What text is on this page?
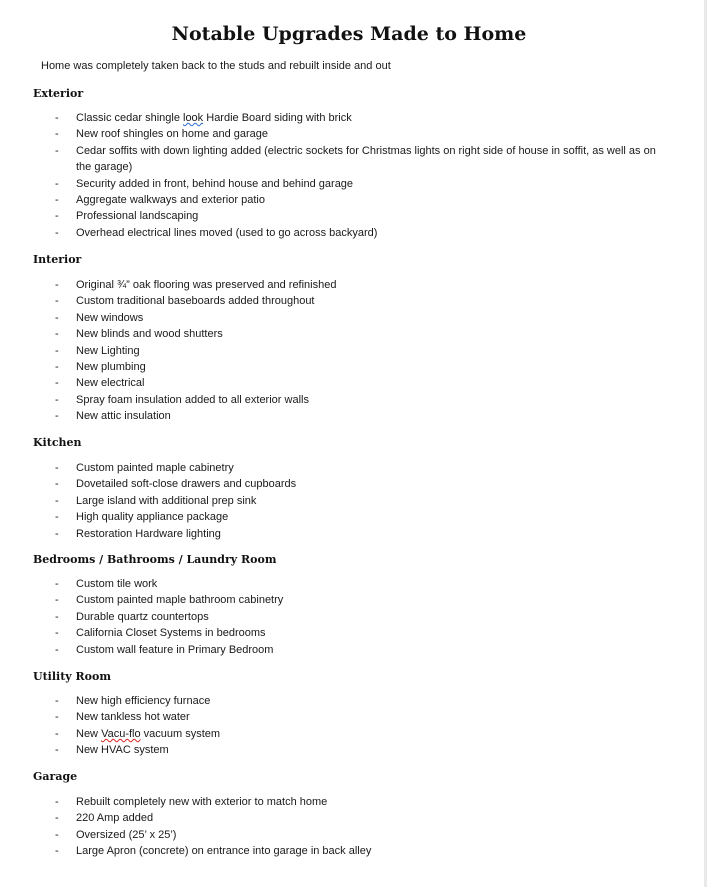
Notable Upgrades Made to Home
Home was completely taken back to the studs and rebuilt inside and out
Exterior
- Classic cedar shingle look Hardie Board siding with brick
- New roof shingles on home and garage
- Cedar soffits with down lighting added (electric sockets for Christmas lights on right side of house in soffit, as well as on the garage)
- Security added in front, behind house and behind garage
- Aggregate walkways and exterior patio
- Professional landscaping
- Overhead electrical lines moved (used to go across backyard)
Interior
- Original ¾” oak flooring was preserved and refinished
- Custom traditional baseboards added throughout
- New windows
- New blinds and wood shutters
- New Lighting
- New plumbing
- New electrical
- Spray foam insulation added to all exterior walls
- New attic insulation
Kitchen
- Custom painted maple cabinetry
- Dovetailed soft-close drawers and cupboards
- Large island with additional prep sink
- High quality appliance package
- Restoration Hardware lighting
Bedrooms / Bathrooms / Laundry Room
- Custom tile work
- Custom painted maple bathroom cabinetry
- Durable quartz countertops
- California Closet Systems in bedrooms
- Custom wall feature in Primary Bedroom
Utility Room
- New high efficiency furnace
- New tankless hot water
- New Vacu-flo vacuum system
- New HVAC system
Garage
- Rebuilt completely new with exterior to match home
- 220 Amp added
- Oversized (25’ x 25’)
- Large Apron (concrete) on entrance into garage in back alley
